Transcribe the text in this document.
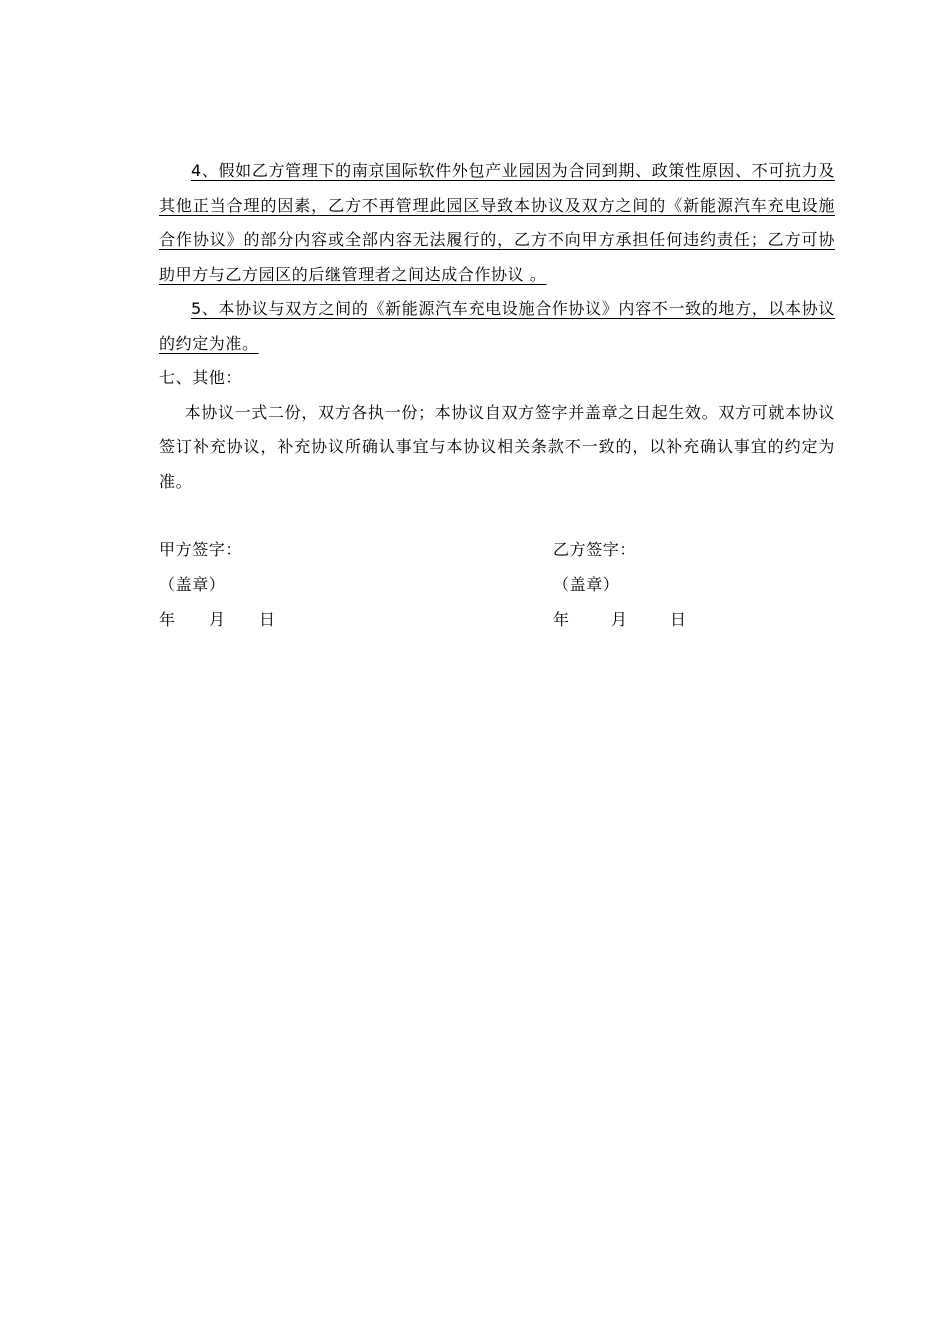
4、假如乙方管理下的南京国际软件外包产业园因为合同到期、政策性原因、不可抗力及其他正当合理的因素，乙方不再管理此园区导致本协议及双方之间的《新能源汽车充电设施合作协议》的部分内容或全部内容无法履行的，乙方不向甲方承担任何违约责任；乙方可协助甲方与乙方园区的后继管理者之间达成合作协议 。

5、本协议与双方之间的《新能源汽车充电设施合作协议》内容不一致的地方，以本协议的约定为准。

七、其他：

本协议一式二份，双方各执一份；本协议自双方签字并盖章之日起生效。双方可就本协议签订补充协议，补充协议所确认事宜与本协议相关条款不一致的，以补充确认事宜的约定为准。

甲方签字：	乙方签字：
（盖章）	（盖章）
年 月 日	年	月	日
